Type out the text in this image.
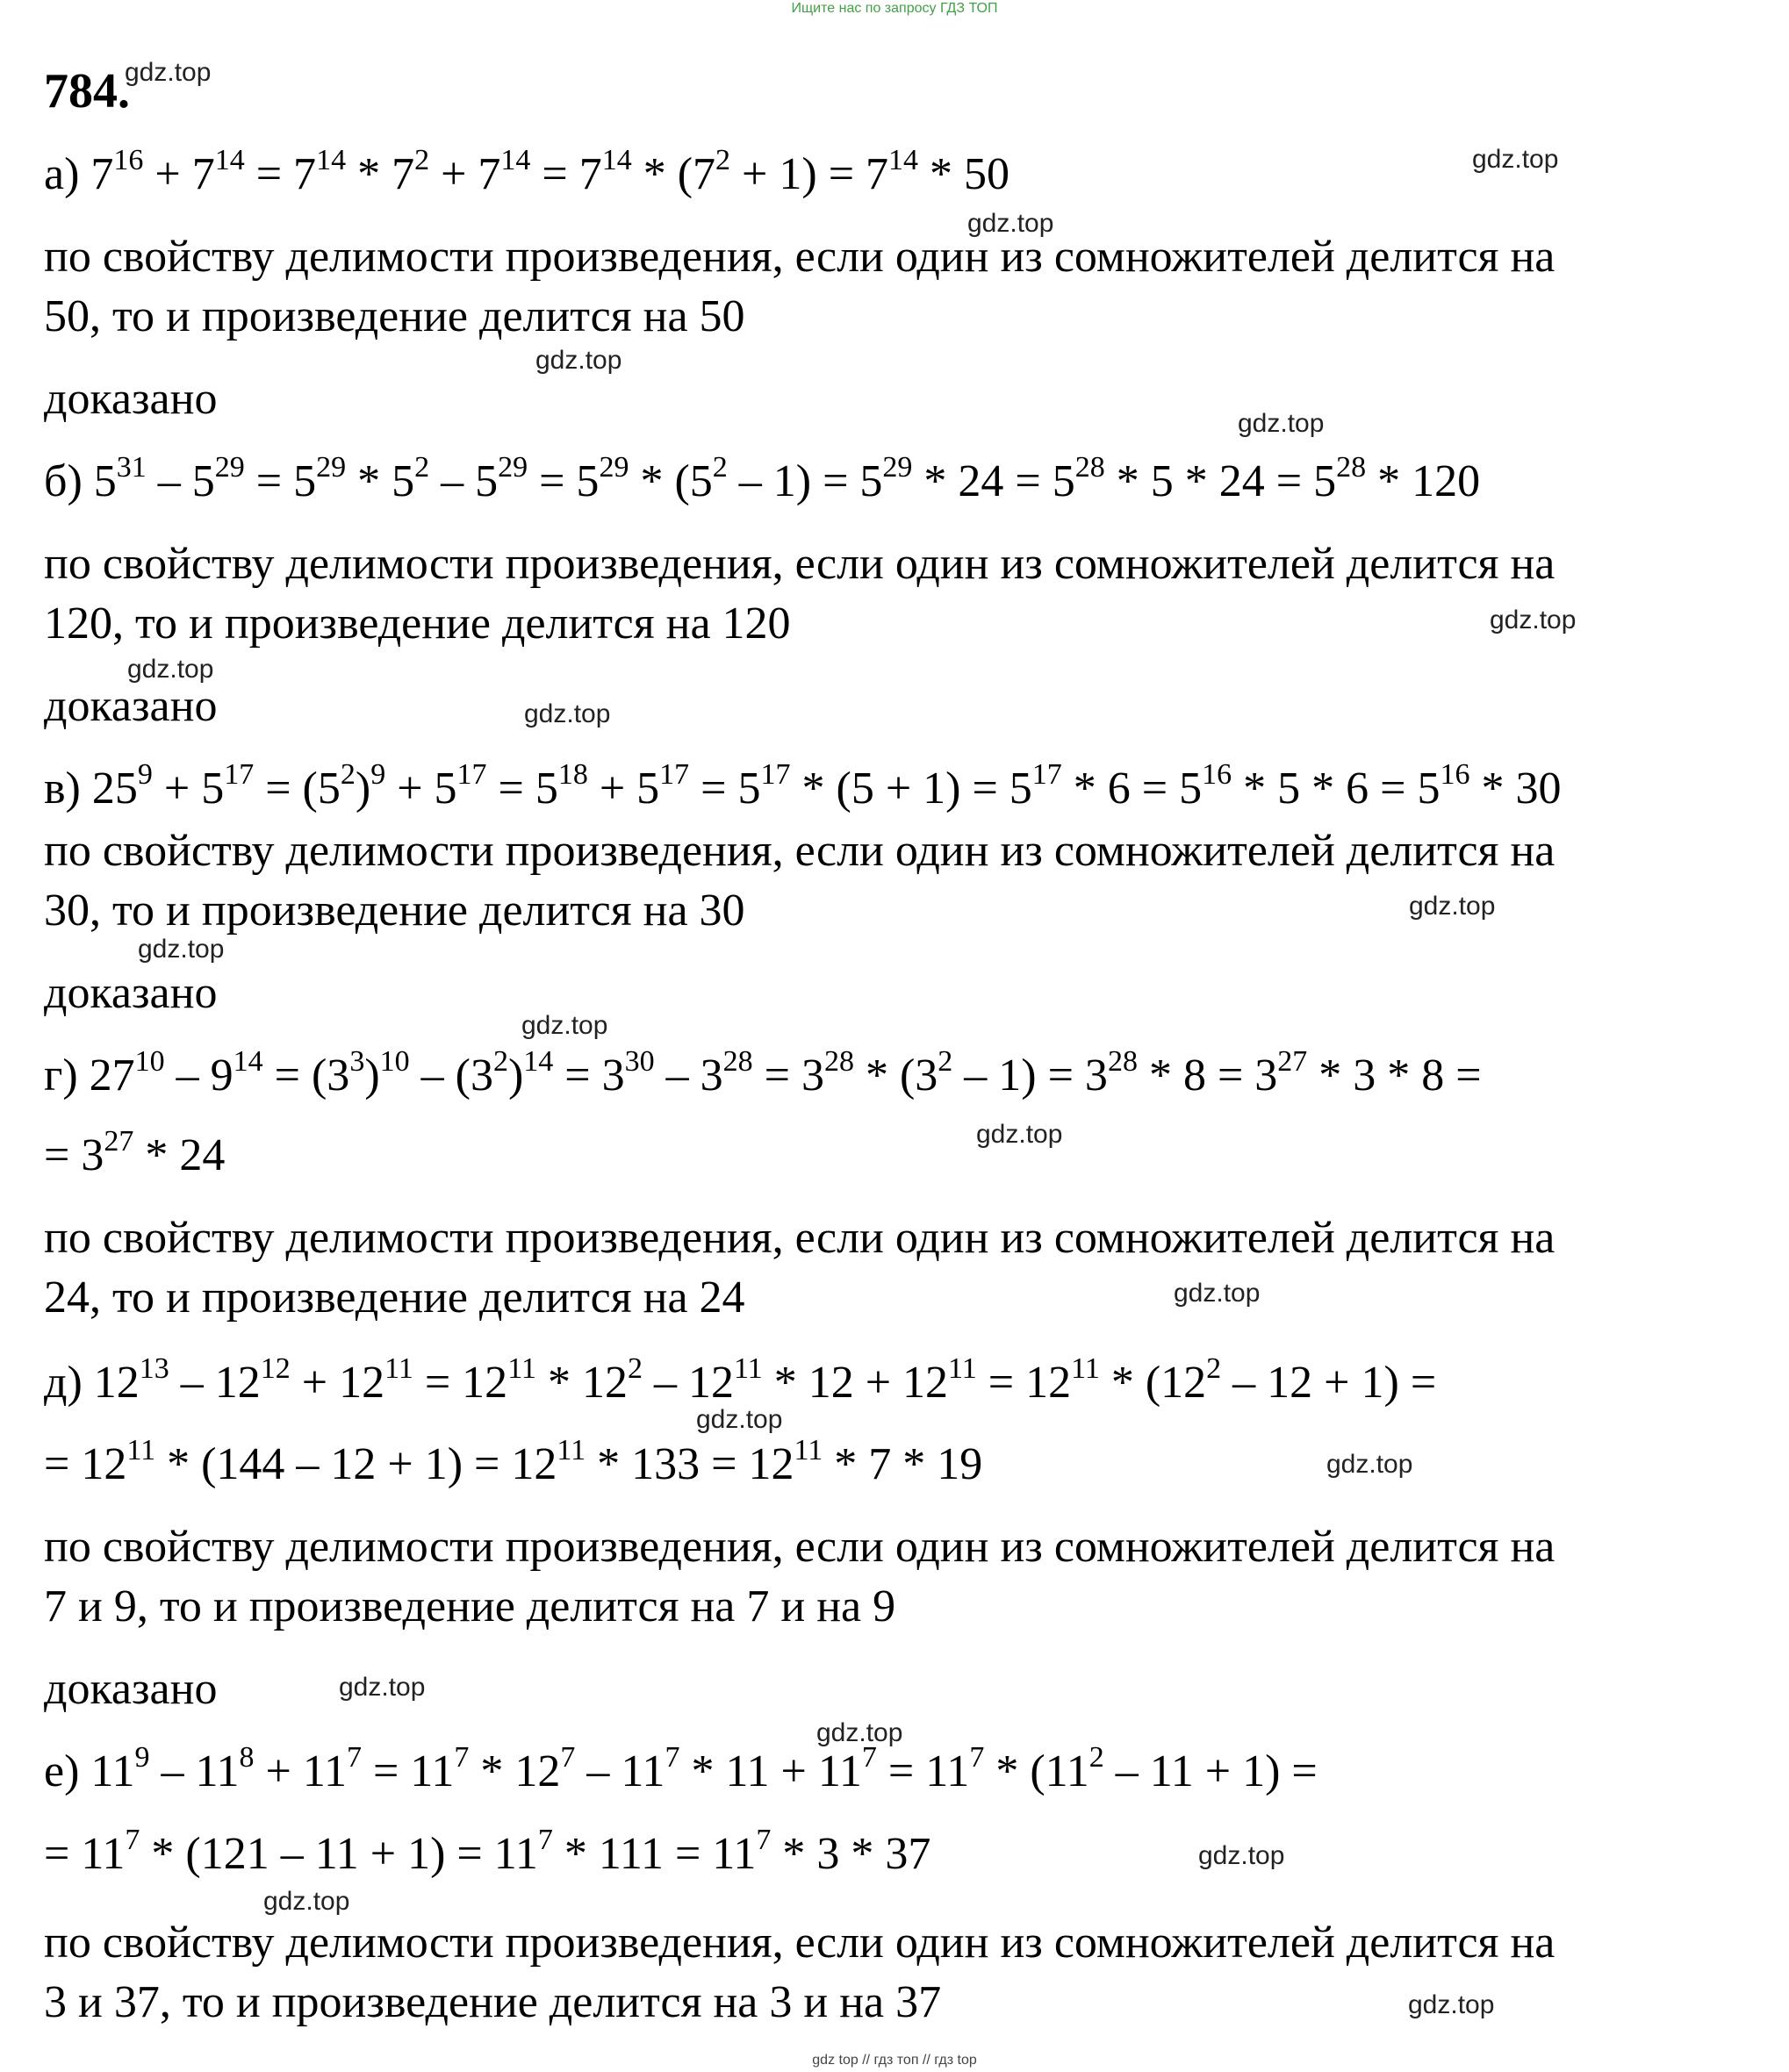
Ищите нас по запросу ГДЗ ТОП
784.
а) $7^{16} + 7^{14} = 7^{14} * 7^2 + 7^{14} = 7^{14} * (7^2 + 1) = 7^{14} * 50$
по свойству делимости произведения, если один из сомножителей делится на
50, то и произведение делится на 50
доказано
б) $5^{31} - 5^{29} = 5^{29} * 5^2 - 5^{29} = 5^{29} * (5^2 - 1) = 5^{29} * 24 = 5^{28} * 5 * 24 = 5^{28} * 120$
по свойству делимости произведения, если один из сомножителей делится на
120, то и произведение делится на 120
доказано
в) $25^9 + 5^{17} = (5^2)^9 + 5^{17} = 5^{18} + 5^{17} = 5^{17} * (5 + 1) = 5^{17} * 6 = 5^{16} * 5 * 6 = 5^{16} * 30$
по свойству делимости произведения, если один из сомножителей делится на
30, то и произведение делится на 30
доказано
г) $27^{10} - 9^{14} = (3^3)^{10} - (3^2)^{14} = 3^{30} - 3^{28} = 3^{28} * (3^2 - 1) = 3^{28} * 8 = 3^{27} * 3 * 8$ =
= $3^{27} * 24$
по свойству делимости произведения, если один из сомножителей делится на
24, то и произведение делится на 24
д) $12^{13} - 12^{12} + 12^{11} = 12^{11} * 12^2 - 12^{11} * 12 + 12^{11} = 12^{11} * (12^2 - 12 + 1)$ =
= $12^{11} * (144 - 12 + 1) = 12^{11} * 133 = 12^{11} * 7 * 19$
по свойству делимости произведения, если один из сомножителей делится на
7 и 9, то и произведение делится на 7 и на 9
доказано
е) $11^9 - 11^8 + 11^7 = 11^7 * 12^7 - 11^7 * 11 + 11^7 = 11^7 * (11^2 - 11 + 1)$ =
= $11^7 * (121 - 11 + 1) = 11^7 * 111 = 11^7 * 3 * 37$
по свойству делимости произведения, если один из сомножителей делится на
3 и 37, то и произведение делится на 3 и на 37
gdz.top
gdz.top
gdz.top
gdz.top
gdz.top
gdz.top
gdz.top
gdz.top
gdz.top
gdz.top
gdz.top
gdz.top
gdz.top
gdz.top
gdz.top
gdz.top
gdz.top
gdz.top
gdz.top
gdz.top
gdz top // гдз топ // гдз top
